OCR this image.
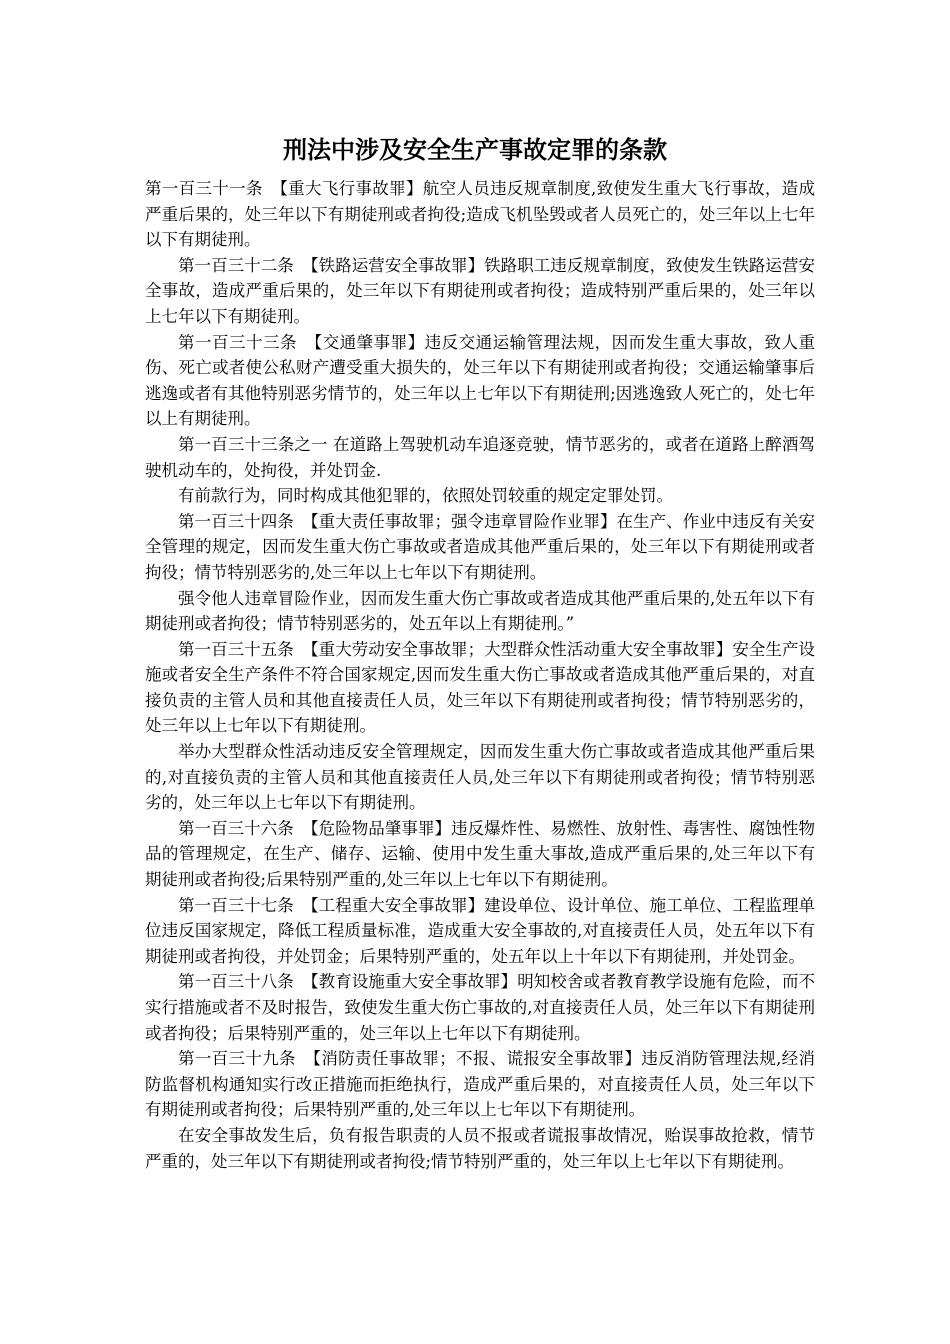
刑法中涉及安全生产事故定罪的条款

第一百三十一条　【重大飞行事故罪】航空人员违反规章制度,致使发生重大飞行事故，造成严重后果的，处三年以下有期徒刑或者拘役;造成飞机坠毁或者人员死亡的，处三年以上七年以下有期徒刑。

第一百三十二条　【铁路运营安全事故罪】铁路职工违反规章制度，致使发生铁路运营安全事故，造成严重后果的，处三年以下有期徒刑或者拘役；造成特别严重后果的，处三年以上七年以下有期徒刑。

第一百三十三条　【交通肇事罪】违反交通运输管理法规，因而发生重大事故，致人重伤、死亡或者使公私财产遭受重大损失的，处三年以下有期徒刑或者拘役；交通运输肇事后逃逸或者有其他特别恶劣情节的，处三年以上七年以下有期徒刑;因逃逸致人死亡的，处七年以上有期徒刑。

第一百三十三条之一 在道路上驾驶机动车追逐竞驶，情节恶劣的，或者在道路上醉酒驾驶机动车的，处拘役，并处罚金.

有前款行为，同时构成其他犯罪的，依照处罚较重的规定定罪处罚。

第一百三十四条　【重大责任事故罪；强令违章冒险作业罪】在生产、作业中违反有关安全管理的规定，因而发生重大伤亡事故或者造成其他严重后果的，处三年以下有期徒刑或者拘役；情节特别恶劣的,处三年以上七年以下有期徒刑。

强令他人违章冒险作业，因而发生重大伤亡事故或者造成其他严重后果的,处五年以下有期徒刑或者拘役；情节特别恶劣的，处五年以上有期徒刑。”

第一百三十五条　【重大劳动安全事故罪；大型群众性活动重大安全事故罪】安全生产设施或者安全生产条件不符合国家规定,因而发生重大伤亡事故或者造成其他严重后果的，对直接负责的主管人员和其他直接责任人员，处三年以下有期徒刑或者拘役；情节特别恶劣的，处三年以上七年以下有期徒刑。

举办大型群众性活动违反安全管理规定，因而发生重大伤亡事故或者造成其他严重后果的,对直接负责的主管人员和其他直接责任人员,处三年以下有期徒刑或者拘役；情节特别恶劣的，处三年以上七年以下有期徒刑。

第一百三十六条　【危险物品肇事罪】违反爆炸性、易燃性、放射性、毒害性、腐蚀性物品的管理规定，在生产、储存、运输、使用中发生重大事故,造成严重后果的,处三年以下有期徒刑或者拘役;后果特别严重的,处三年以上七年以下有期徒刑。

第一百三十七条　【工程重大安全事故罪】建设单位、设计单位、施工单位、工程监理单位违反国家规定，降低工程质量标准，造成重大安全事故的,对直接责任人员，处五年以下有期徒刑或者拘役，并处罚金；后果特别严重的，处五年以上十年以下有期徒刑，并处罚金。

第一百三十八条　【教育设施重大安全事故罪】明知校舍或者教育教学设施有危险，而不实行措施或者不及时报告，致使发生重大伤亡事故的,对直接责任人员，处三年以下有期徒刑或者拘役；后果特别严重的，处三年以上七年以下有期徒刑。

第一百三十九条　【消防责任事故罪；不报、谎报安全事故罪】违反消防管理法规,经消防监督机构通知实行改正措施而拒绝执行，造成严重后果的，对直接责任人员，处三年以下有期徒刑或者拘役；后果特别严重的,处三年以上七年以下有期徒刑。

在安全事故发生后，负有报告职责的人员不报或者谎报事故情况，贻误事故抢救，情节严重的，处三年以下有期徒刑或者拘役;情节特别严重的，处三年以上七年以下有期徒刑。
